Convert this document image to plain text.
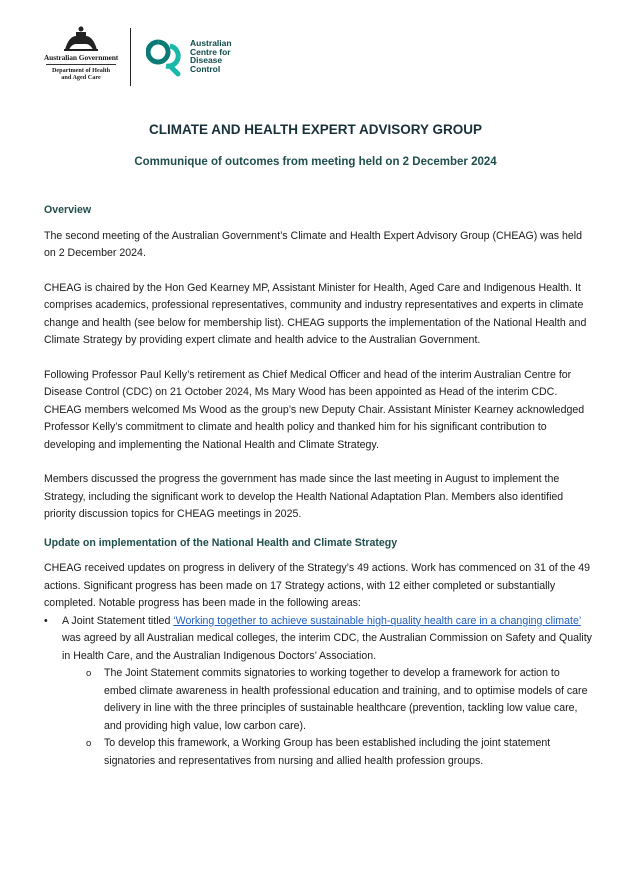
Australian Government
Department of Health
and Aged Care
Australian
Centre for
Disease
Control
CLIMATE AND HEALTH EXPERT ADVISORY GROUP
Communique of outcomes from meeting held on 2 December 2024
Overview

The second meeting of the Australian Government’s Climate and Health Expert Advisory Group (CHEAG) was held on 2 December 2024.

CHEAG is chaired by the Hon Ged Kearney MP, Assistant Minister for Health, Aged Care and Indigenous Health. It comprises academics, professional representatives, community and industry representatives and experts in climate change and health (see below for membership list). CHEAG supports the implementation of the National Health and Climate Strategy by providing expert climate and health advice to the Australian Government.

Following Professor Paul Kelly’s retirement as Chief Medical Officer and head of the interim Australian Centre for Disease Control (CDC) on 21 October 2024, Ms Mary Wood has been appointed as Head of the interim CDC. CHEAG members welcomed Ms Wood as the group’s new Deputy Chair. Assistant Minister Kearney acknowledged Professor Kelly’s commitment to climate and health policy and thanked him for his significant contribution to developing and implementing the National Health and Climate Strategy.

Members discussed the progress the government has made since the last meeting in August to implement the Strategy, including the significant work to develop the Health National Adaptation Plan. Members also identified priority discussion topics for CHEAG meetings in 2025.

Update on implementation of the National Health and Climate Strategy

CHEAG received updates on progress in delivery of the Strategy’s 49 actions. Work has commenced on 31 of the 49 actions. Significant progress has been made on 17 Strategy actions, with 12 either completed or substantially completed. Notable progress has been made in the following areas:

• A Joint Statement titled ‘Working together to achieve sustainable high-quality health care in a changing climate’ was agreed by all Australian medical colleges, the interim CDC, the Australian Commission on Safety and Quality in Health Care, and the Australian Indigenous Doctors’ Association.
o The Joint Statement commits signatories to working together to develop a framework for action to embed climate awareness in health professional education and training, and to optimise models of care delivery in line with the three principles of sustainable healthcare (prevention, tackling low value care, and providing high value, low carbon care).
o To develop this framework, a Working Group has been established including the joint statement signatories and representatives from nursing and allied health profession groups.
